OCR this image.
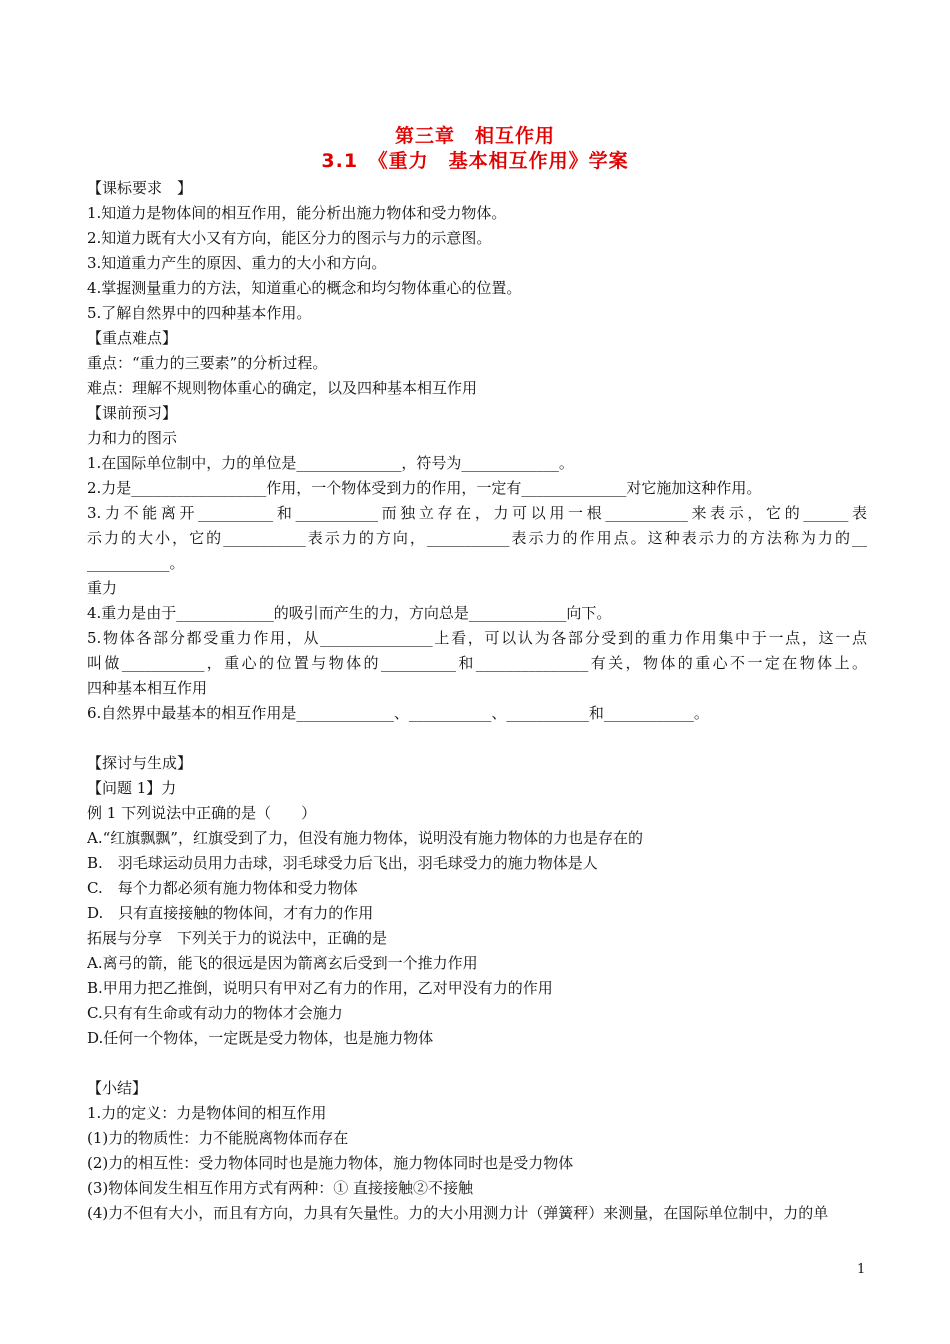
第三章　相互作用
3.1　《重力　基本相互作用》学案
【课标要求　】
1.知道力是物体间的相互作用，能分析出施力物体和受力物体。
2.知道力既有大小又有方向，能区分力的图示与力的示意图。
3.知道重力产生的原因、重力的大小和方向。
4.掌握测量重力的方法，知道重心的概念和均匀物体重心的位置。
5.了解自然界中的四种基本作用。
【重点难点】
重点：“重力的三要素”的分析过程。
难点：理解不规则物体重心的确定，以及四种基本相互作用
【课前预习】
力和力的图示
1.在国际单位制中，力的单位是______________，符号为_____________。
2.力是__________________作用，一个物体受到力的作用，一定有______________对它施加这种作用。
3.力不能离开__________和___________而独立存在，力可以用一根___________来表示，它的______表
示力的大小，它的___________表示力的方向，___________表示力的作用点。这种表示力的方法称为力的__
___________。
重力
4.重力是由于_____________的吸引而产生的力，方向总是_____________向下。
5.物体各部分都受重力作用，从_______________上看，可以认为各部分受到的重力作用集中于一点，这一点
叫做___________，重心的位置与物体的__________和_______________有关，物体的重心不一定在物体上。
四种基本相互作用
6.自然界中最基本的相互作用是_____________、___________、___________和____________。
【探讨与生成】
【问题 1】力
例 1 下列说法中正确的是（　　）
A.“红旗飘飘”，红旗受到了力，但没有施力物体，说明没有施力物体的力也是存在的
B.　羽毛球运动员用力击球，羽毛球受力后飞出，羽毛球受力的施力物体是人
C.　每个力都必须有施力物体和受力物体
D.　只有直接接触的物体间，才有力的作用
拓展与分享　下列关于力的说法中，正确的是
A.离弓的箭，能飞的很远是因为箭离玄后受到一个推力作用
B.甲用力把乙推倒，说明只有甲对乙有力的作用，乙对甲没有力的作用
C.只有有生命或有动力的物体才会施力
D.任何一个物体，一定既是受力物体，也是施力物体
【小结】
1.力的定义：力是物体间的相互作用
(1)力的物质性：力不能脱离物体而存在
(2)力的相互性：受力物体同时也是施力物体，施力物体同时也是受力物体
(3)物体间发生相互作用方式有两种：① 直接接触②不接触
(4)力不但有大小，而且有方向，力具有矢量性。力的大小用测力计（弹簧秤）来测量，在国际单位制中，力的单
1
